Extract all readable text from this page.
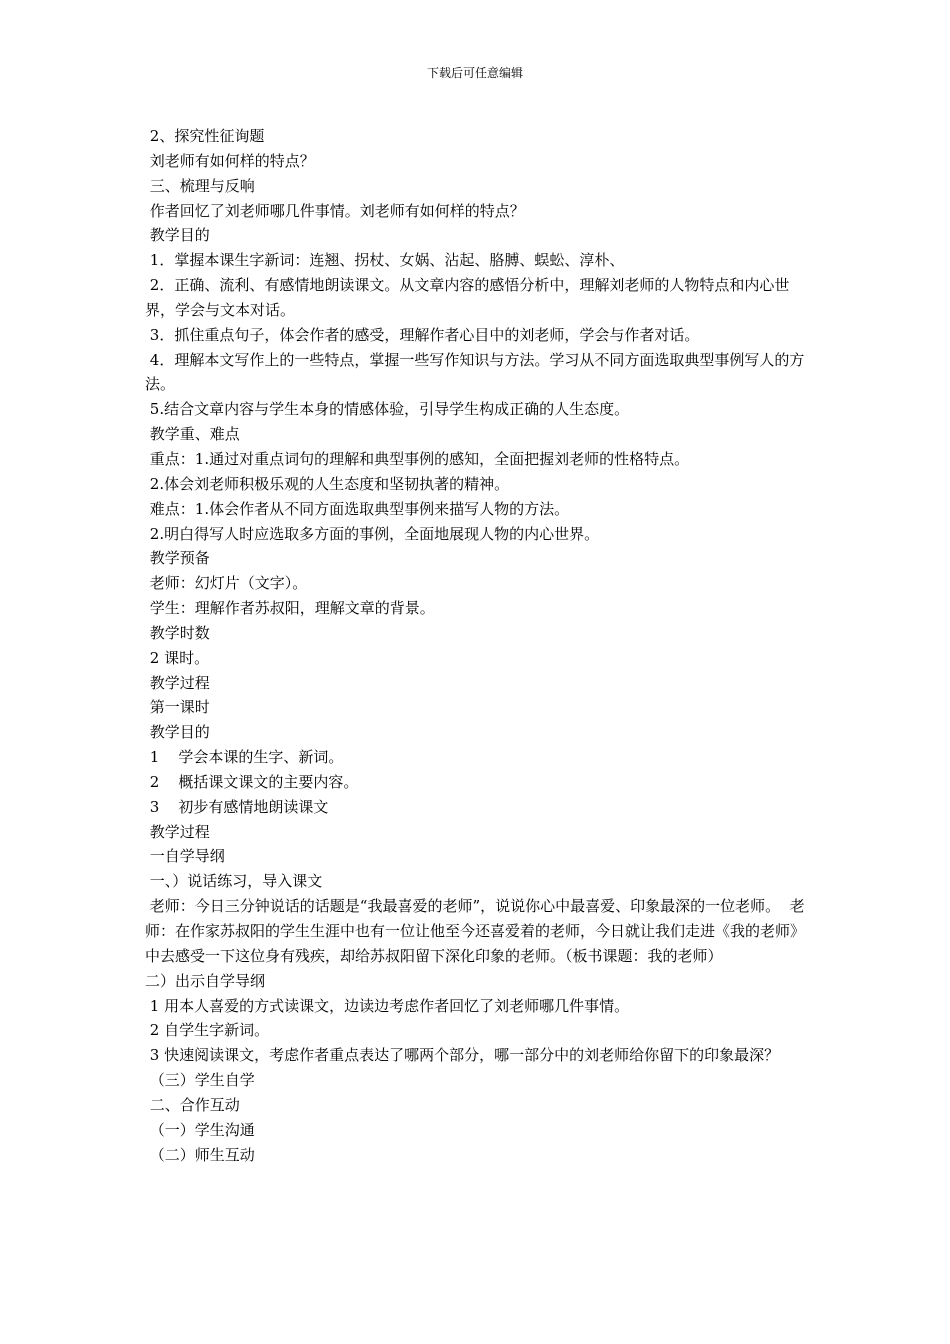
下载后可任意编辑

2、探究性征询题

刘老师有如何样的特点？

三、梳理与反响

作者回忆了刘老师哪几件事情。刘老师有如何样的特点？

教学目的

1．掌握本课生字新词：连翘、拐杖、女娲、沾起、胳膊、蜈蚣、淳朴、

2．正确、流利、有感情地朗读课文。从文章内容的感悟分析中，理解刘老师的人物特点和内心世界，学会与文本对话。

3．抓住重点句子，体会作者的感受，理解作者心目中的刘老师，学会与作者对话。

4．理解本文写作上的一些特点，掌握一些写作知识与方法。学习从不同方面选取典型事例写人的方法。

5.结合文章内容与学生本身的情感体验，引导学生构成正确的人生态度。

教学重、难点

重点：1.通过对重点词句的理解和典型事例的感知，全面把握刘老师的性格特点。

2.体会刘老师积极乐观的人生态度和坚韧执著的精神。

难点：1.体会作者从不同方面选取典型事例来描写人物的方法。

2.明白得写人时应选取多方面的事例，全面地展现人物的内心世界。

教学预备

老师：幻灯片（文字）。

学生：理解作者苏叔阳，理解文章的背景。

教学时数

2 课时。

教学过程

第一课时

教学目的

1    学会本课的生字、新词。

2    概括课文课文的主要内容。

3    初步有感情地朗读课文

教学过程

一自学导纲

一、）说话练习，导入课文

老师：今日三分钟说话的话题是“我最喜爱的老师”，说说你心中最喜爱、印象最深的一位老师。  老师：在作家苏叔阳的学生生涯中也有一位让他至今还喜爱着的老师，今日就让我们走进《我的老师》中去感受一下这位身有残疾，却给苏叔阳留下深化印象的老师。（板书课题：我的老师）

二）出示自学导纲

1 用本人喜爱的方式读课文，边读边考虑作者回忆了刘老师哪几件事情。

2 自学生字新词。

3 快速阅读课文，考虑作者重点表达了哪两个部分，哪一部分中的刘老师给你留下的印象最深？

（三）学生自学

二、合作互动

（一）学生沟通

（二）师生互动
